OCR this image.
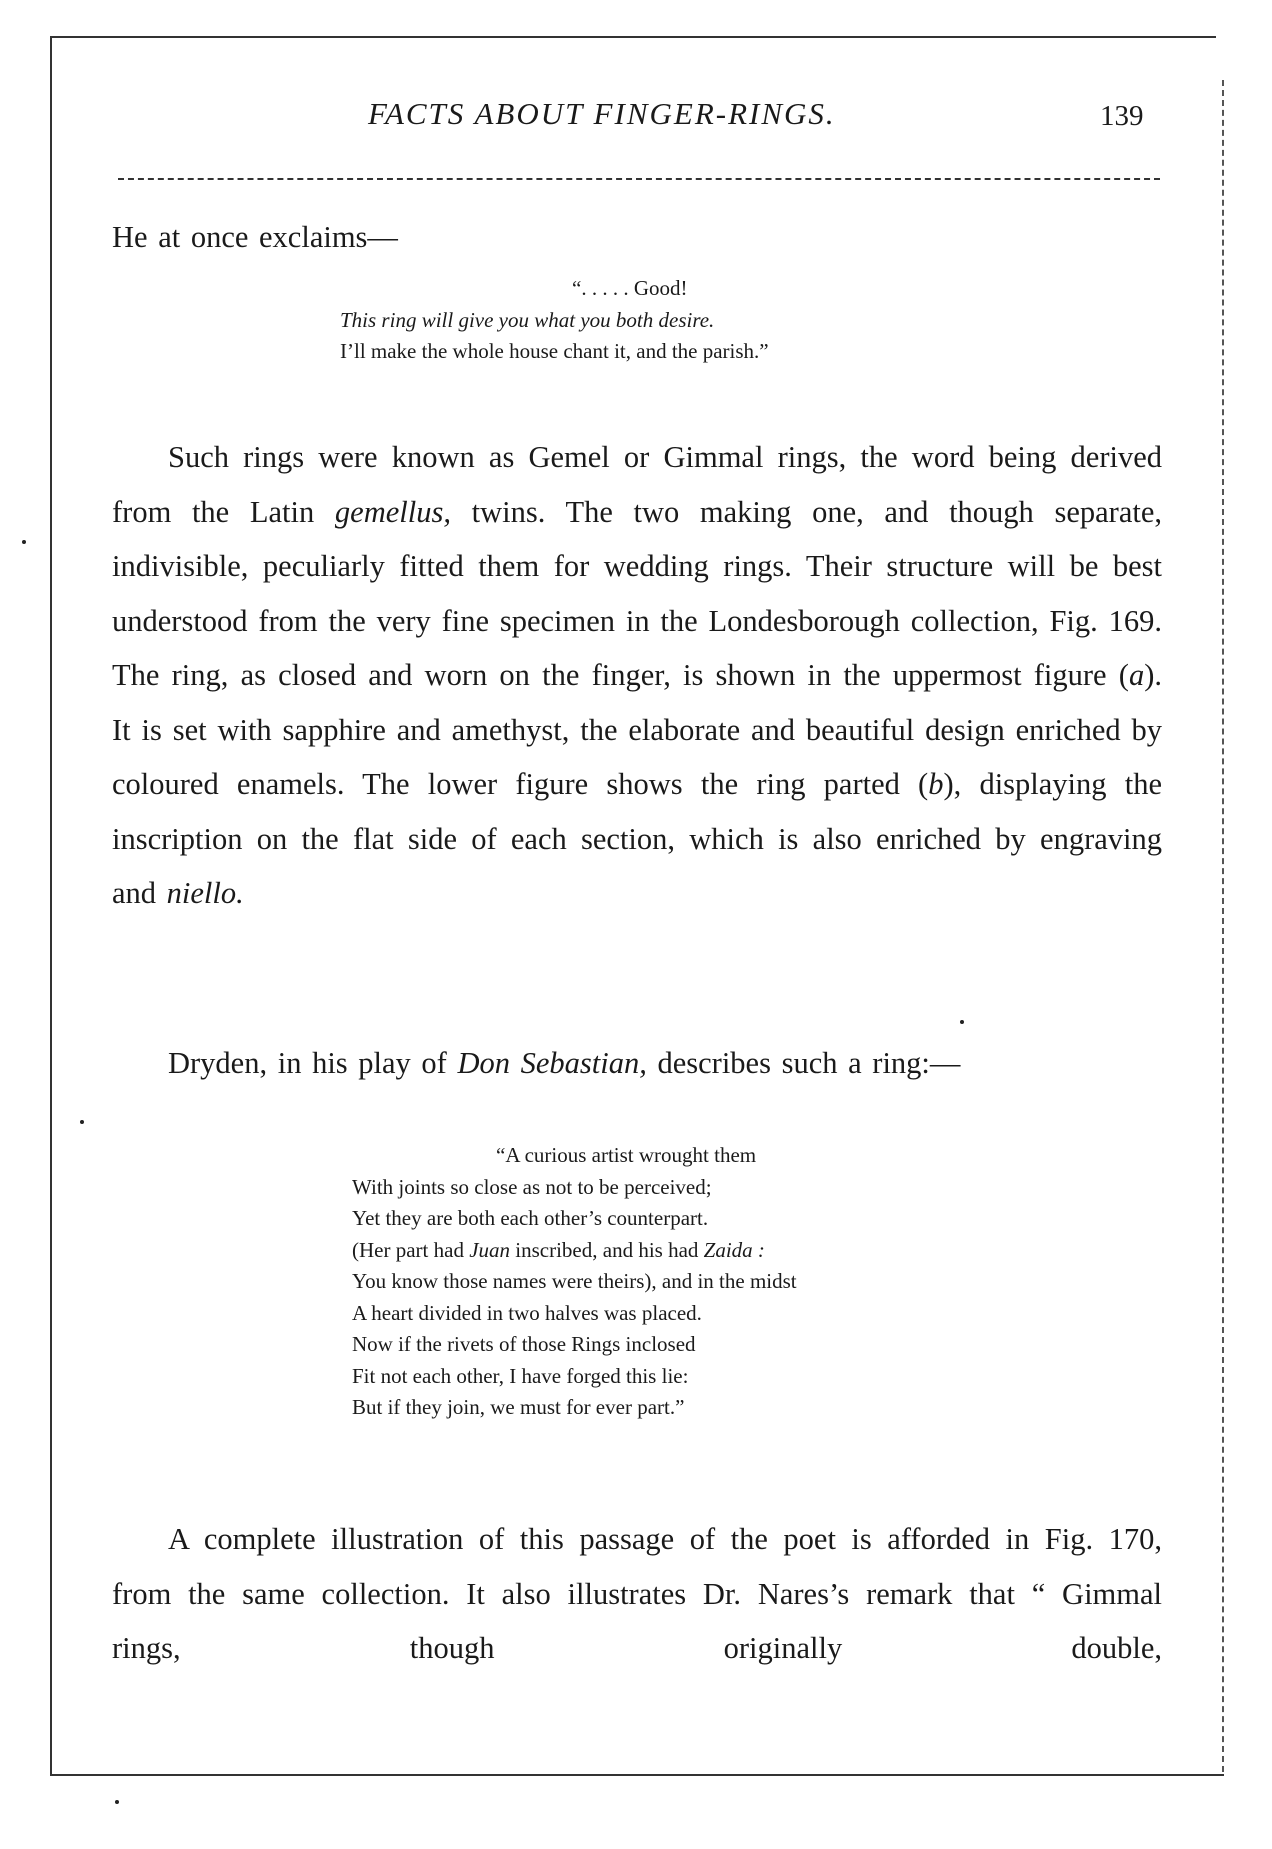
FACTS ABOUT FINGER-RINGS.	139

He at once exclaims—

“. . . . . Good!
This ring will give you what you both desire.
I’ll make the whole house chant it, and the parish.”

Such rings were known as Gemel or Gimmal rings, the word being derived from the Latin gemellus, twins. The two making one, and though separate, indivisible, peculiarly fitted them for wedding rings. Their structure will be best understood from the very fine specimen in the Londesborough collection, Fig. 169. The ring, as closed and worn on the finger, is shown in the uppermost figure (a). It is set with sapphire and amethyst, the elaborate and beautiful design enriched by coloured enamels. The lower figure shows the ring parted (b), displaying the inscription on the flat side of each section, which is also enriched by engraving and niello.

Dryden, in his play of Don Sebastian, describes such a ring:—

“A curious artist wrought them
With joints so close as not to be perceived;
Yet they are both each other’s counterpart.
(Her part had Juan inscribed, and his had Zaida :
You know those names were theirs), and in the midst
A heart divided in two halves was placed.
Now if the rivets of those Rings inclosed
Fit not each other, I have forged this lie:
But if they join, we must for ever part.”

A complete illustration of this passage of the poet is afforded in Fig. 170, from the same collection. It also illustrates Dr. Nares’s remark that “ Gimmal rings, though originally double,
